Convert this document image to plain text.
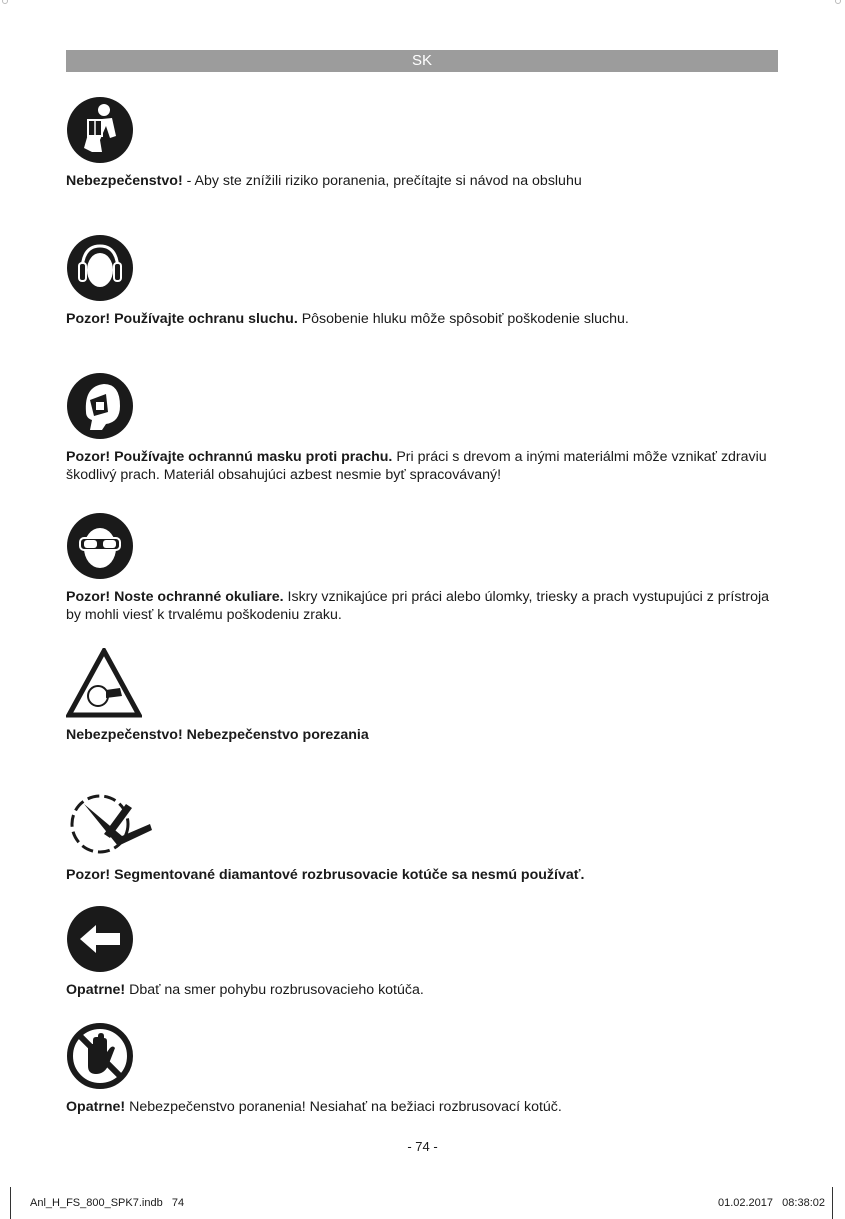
SK
Nebezpečenstvo! - Aby ste znížili riziko poranenia, prečítajte si návod na obsluhu
Pozor! Používajte ochranu sluchu. Pôsobenie hluku môže spôsobiť poškodenie sluchu.
Pozor! Používajte ochrannú masku proti prachu. Pri práci s drevom a inými materiálmi môže vznikať zdraviu škodlivý prach. Materiál obsahujúci azbest nesmie byť spracovávaný!
Pozor! Noste ochranné okuliare. Iskry vznikajúce pri práci alebo úlomky, triesky a prach vystupujúci z prístroja by mohli viesť k trvalému poškodeniu zraku.
Nebezpečenstvo! Nebezpečenstvo porezania
Pozor! Segmentované diamantové rozbrusovacie kotúče sa nesmú používať.
Opatrne! Dbať na smer pohybu rozbrusovacieho kotúča.
Opatrne! Nebezpečenstvo poranenia! Nesiahať na bežiaci rozbrusovací kotúč.
- 74 -
Anl_H_FS_800_SPK7.indb   74	01.02.2017   08:38:02
